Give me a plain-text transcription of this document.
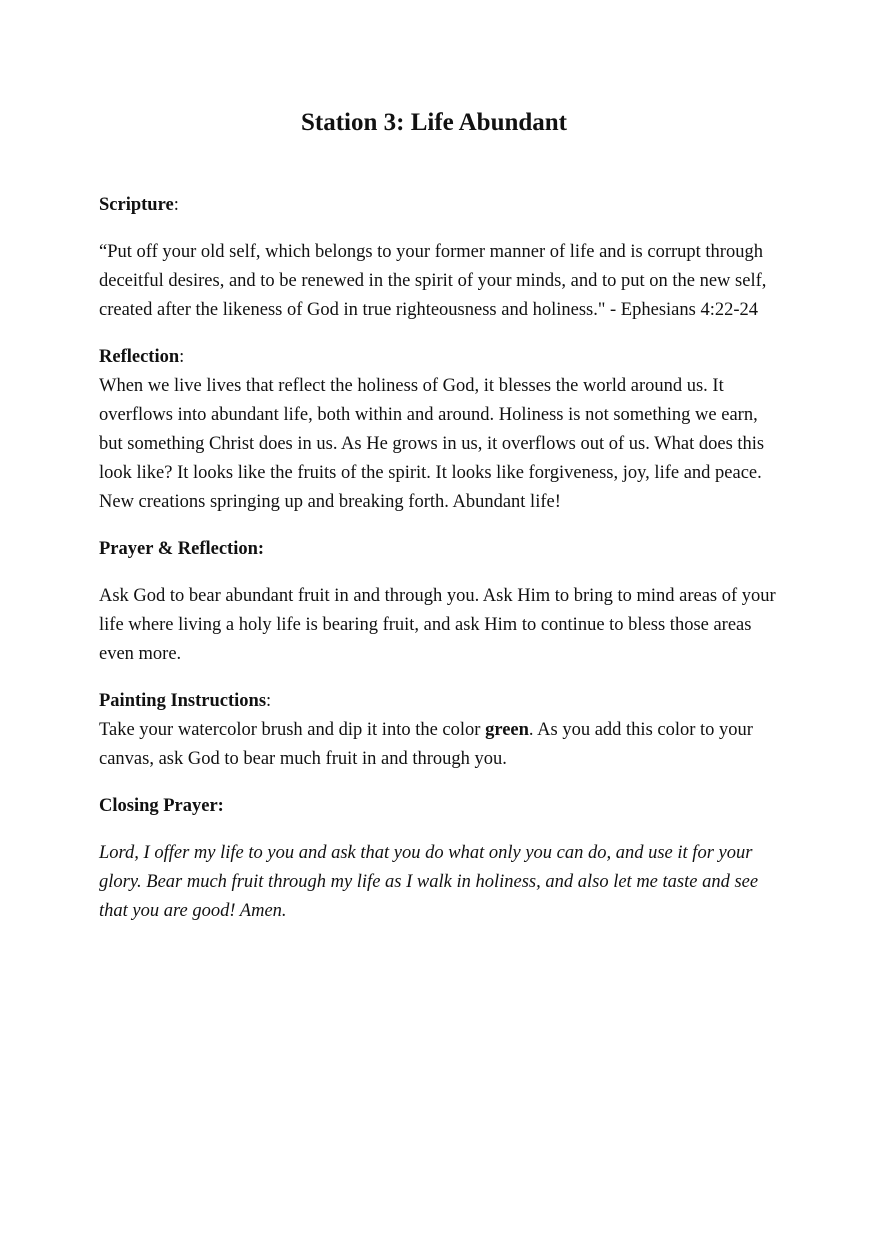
Station 3: Life Abundant

Scripture:

“Put off your old self, which belongs to your former manner of life and is corrupt through deceitful desires, and to be renewed in the spirit of your minds, and to put on the new self, created after the likeness of God in true righteousness and holiness." - Ephesians 4:22-24

Reflection:

When we live lives that reflect the holiness of God, it blesses the world around us. It overflows into abundant life, both within and around. Holiness is not something we earn, but something Christ does in us. As He grows in us, it overflows out of us. What does this look like? It looks like the fruits of the spirit. It looks like forgiveness, joy, life and peace. New creations springing up and breaking forth. Abundant life!

Prayer & Reflection:

Ask God to bear abundant fruit in and through you. Ask Him to bring to mind areas of your life where living a holy life is bearing fruit, and ask Him to continue to bless those areas even more.

Painting Instructions:

Take your watercolor brush and dip it into the color green. As you add this color to your canvas, ask God to bear much fruit in and through you.

Closing Prayer:

Lord, I offer my life to you and ask that you do what only you can do, and use it for your glory. Bear much fruit through my life as I walk in holiness, and also let me taste and see that you are good! Amen.
